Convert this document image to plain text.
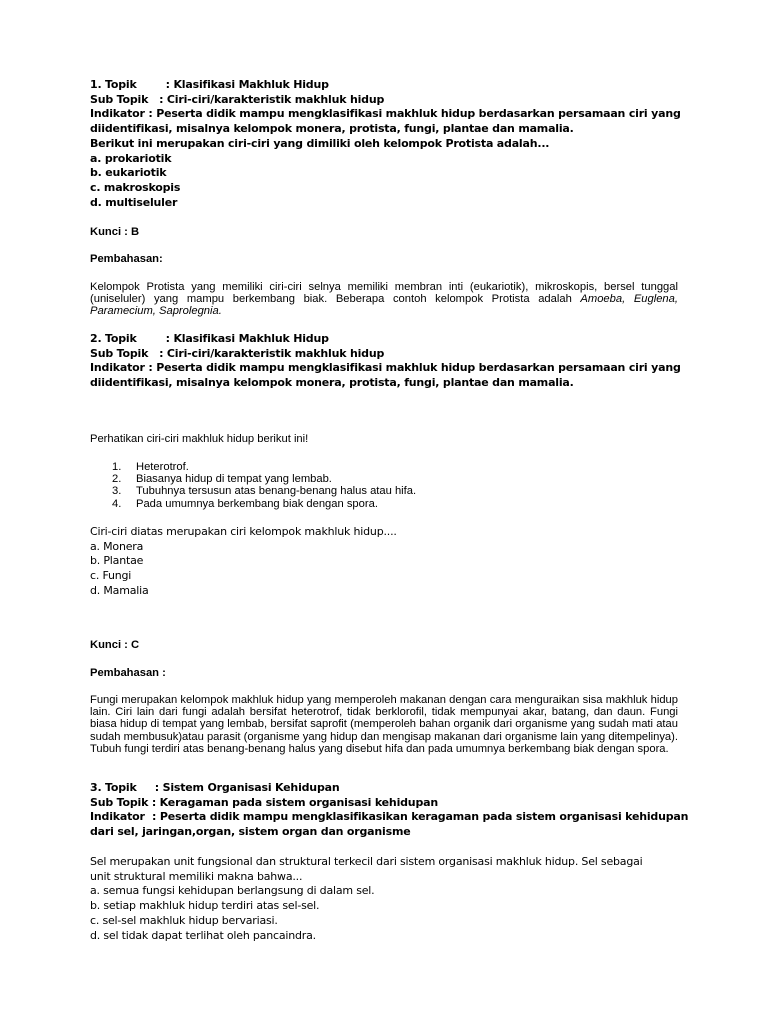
1. Topik        : Klasifikasi Makhluk Hidup
Sub Topik   : Ciri-ciri/karakteristik makhluk hidup
Indikator : Peserta didik mampu mengklasifikasi makhluk hidup berdasarkan persamaan ciri yang
diidentifikasi, misalnya kelompok monera, protista, fungi, plantae dan mamalia.
Berikut ini merupakan ciri-ciri yang dimiliki oleh kelompok Protista adalah...
a. prokariotik
b. eukariotik
c. makroskopis
d. multiseluler
Kunci : B
Pembahasan:

Kelompok Protista yang memiliki ciri-ciri selnya memiliki membran inti (eukariotik), mikroskopis, bersel tunggal (uniseluler) yang mampu berkembang biak. Beberapa contoh kelompok Protista adalah Amoeba, Euglena, Paramecium, Saprolegnia.

2. Topik        : Klasifikasi Makhluk Hidup
Sub Topik   : Ciri-ciri/karakteristik makhluk hidup
Indikator : Peserta didik mampu mengklasifikasi makhluk hidup berdasarkan persamaan ciri yang
diidentifikasi, misalnya kelompok monera, protista, fungi, plantae dan mamalia.
Perhatikan ciri-ciri makhluk hidup berikut ini!
1. Heterotrof.
2. Biasanya hidup di tempat yang lembab.
3. Tubuhnya tersusun atas benang-benang halus atau hifa.
4. Pada umumnya berkembang biak dengan spora.
Ciri-ciri diatas merupakan ciri kelompok makhluk hidup....
a. Monera
b. Plantae
c. Fungi
d. Mamalia
Kunci : C
Pembahasan :

Fungi merupakan kelompok makhluk hidup yang memperoleh makanan dengan cara menguraikan sisa makhluk hidup lain. Ciri lain dari fungi adalah bersifat heterotrof, tidak berklorofil, tidak mempunyai akar, batang, dan daun. Fungi biasa hidup di tempat yang lembab, bersifat saprofit (memperoleh bahan organik dari organisme yang sudah mati atau sudah membusuk)atau parasit (organisme yang hidup dan mengisap makanan dari organisme lain yang ditempelinya). Tubuh fungi terdiri atas benang-benang halus yang disebut hifa dan pada umumnya berkembang biak dengan spora.

3. Topik     : Sistem Organisasi Kehidupan
Sub Topik : Keragaman pada sistem organisasi kehidupan
Indikator  : Peserta didik mampu mengklasifikasikan keragaman pada sistem organisasi kehidupan
dari sel, jaringan,organ, sistem organ dan organisme
Sel merupakan unit fungsional dan struktural terkecil dari sistem organisasi makhluk hidup. Sel sebagai
unit struktural memiliki makna bahwa...
a. semua fungsi kehidupan berlangsung di dalam sel.
b. setiap makhluk hidup terdiri atas sel-sel.
c. sel-sel makhluk hidup bervariasi.
d. sel tidak dapat terlihat oleh pancaindra.
